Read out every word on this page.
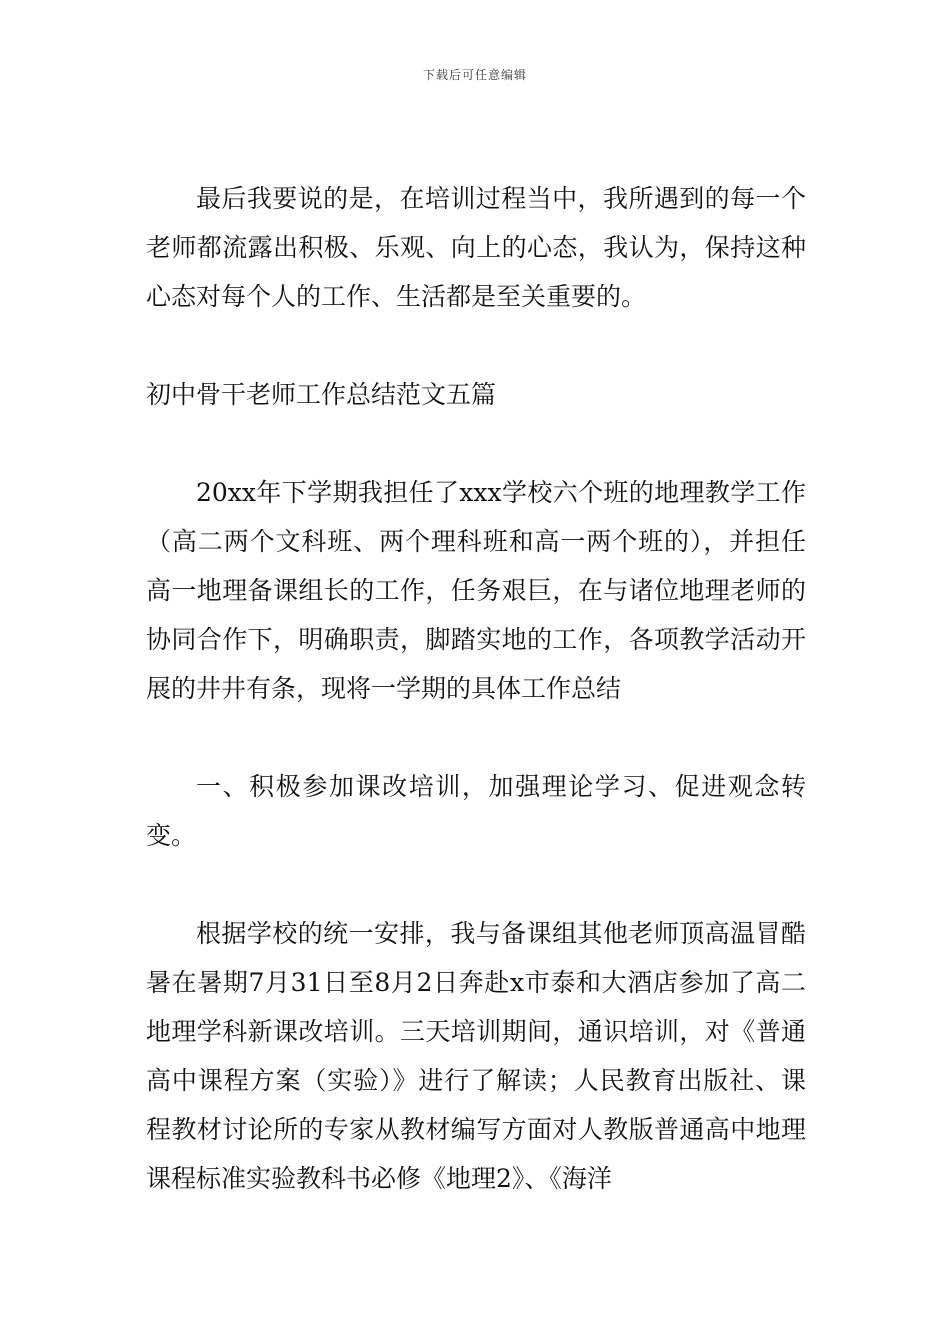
下载后可任意编辑

最后我要说的是，在培训过程当中，我所遇到的每一个老师都流露出积极、乐观、向上的心态，我认为，保持这种心态对每个人的工作、生活都是至关重要的。

初中骨干老师工作总结范文五篇

20xx年下学期我担任了xxx学校六个班的地理教学工作（高二两个文科班、两个理科班和高一两个班的），并担任高一地理备课组长的工作，任务艰巨，在与诸位地理老师的协同合作下，明确职责，脚踏实地的工作，各项教学活动开展的井井有条，现将一学期的具体工作总结

一、积极参加课改培训，加强理论学习、促进观念转变。

根据学校的统一安排，我与备课组其他老师顶高温冒酷暑在暑期7月31日至8月2日奔赴x市泰和大酒店参加了高二地理学科新课改培训。三天培训期间，通识培训，对《普通高中课程方案（实验）》进行了解读；人民教育出版社、课程教材讨论所的专家从教材编写方面对人教版普通高中地理课程标准实验教科书必修《地理2》、《海洋
